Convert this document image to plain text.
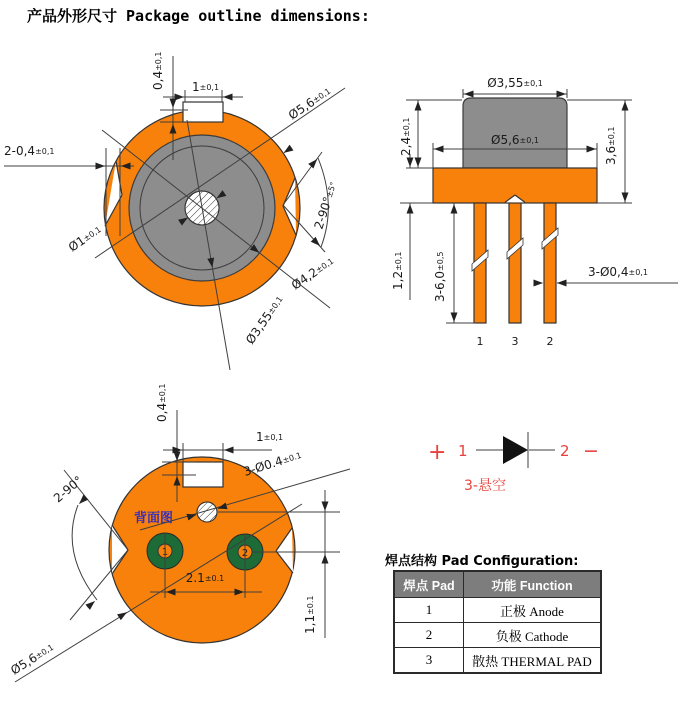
产品外形尺寸 Package outline dimensions:
0,4±0,1
1±0,1
2-0,4±0,1
2-90°±5°
Ø5,6±0,1
Ø1±0,1
Ø4,2±0,1
Ø3,55±0,1
1	3	2
Ø3,55±0,1
2,4±0,1
Ø5,6±0,1
3,6±0,1
1,2±0,1
3-6,0±0,5
3-Ø0,4±0,1
1	2
背面图
0,4±0,1
1±0,1
3-Ø0.4±0.1
2-90°
Ø5,6±0,1
2.1±0.1
1,1±0.1
+ 1	2 −
3-悬空
焊点结构 Pad Configuration:
焊点 Pad	功能 Function
1	正极 Anode
2	负极 Cathode
3	散热 THERMAL PAD
